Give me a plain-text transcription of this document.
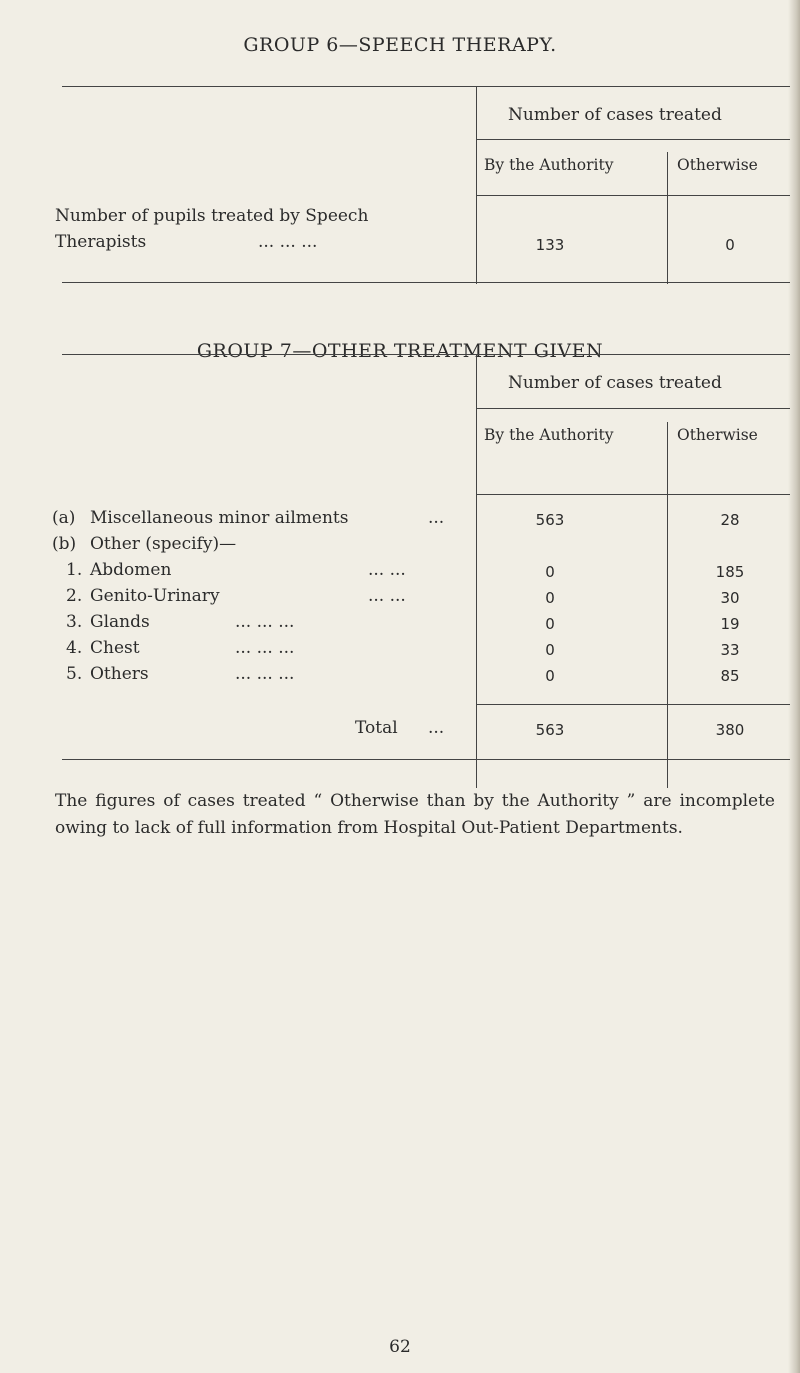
GROUP 6—SPEECH THERAPY.
Number of cases treated
By the Authority	Otherwise
Number of pupils treated by Speech
Therapists	... ... ...	133	0
GROUP 7—OTHER TREATMENT GIVEN
Number of cases treated
By the Authority	Otherwise
(a) Miscellaneous minor ailments	...	563	28
(b) Other (specify)—
1. Abdomen	... ...	0	185
2. Genito-Urinary	... ...	0	30
3. Glands	... ... ...	0	19
4. Chest	... ... ...	0	33
5. Others	... ... ...	0	85
Total ...	563	380
The figures of cases treated “ Otherwise than by the Authority ” are incomplete owing to lack of full information from Hospital Out-Patient Departments.
62
